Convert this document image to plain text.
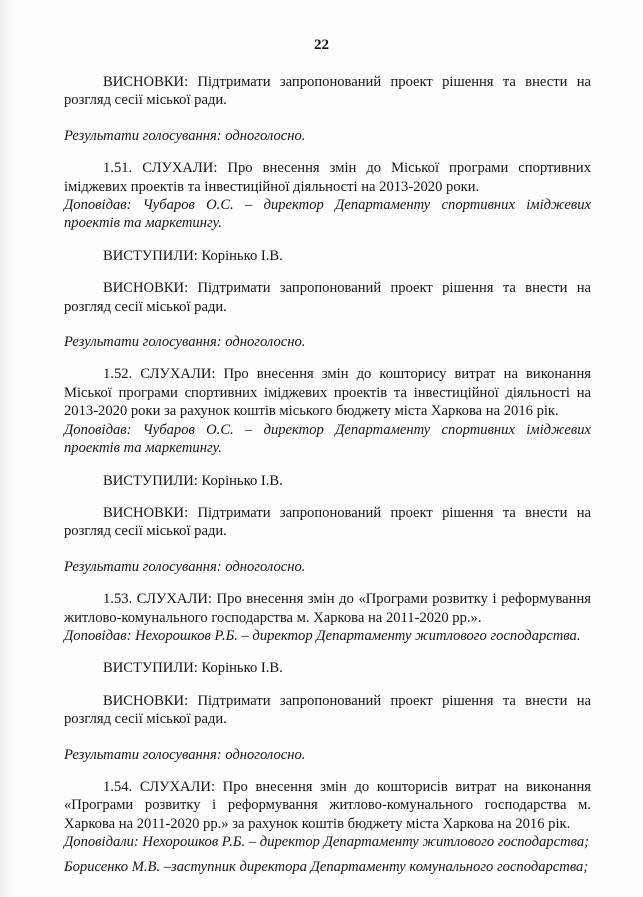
22

ВИСНОВКИ: Підтримати запропонований проект рішення та внести на розгляд сесії міської ради.

Результати голосування: одноголосно.

1.51. СЛУХАЛИ: Про внесення змін до Міської програми спортивних іміджевих проектів та інвестиційної діяльності на 2013-2020 роки.

Доповідав: Чубаров О.С. – директор Департаменту спортивних іміджевих проектів та маркетингу.

ВИСТУПИЛИ: Корінько І.В.

ВИСНОВКИ: Підтримати запропонований проект рішення та внести на розгляд сесії міської ради.

Результати голосування: одноголосно.

1.52. СЛУХАЛИ: Про внесення змін до кошторису витрат на виконання Міської програми спортивних іміджевих проектів та інвестиційної діяльності на 2013-2020 роки за рахунок коштів міського бюджету міста Харкова на 2016 рік.

Доповідав: Чубаров О.С. – директор Департаменту спортивних іміджевих проектів та маркетингу.

ВИСТУПИЛИ: Корінько І.В.

ВИСНОВКИ: Підтримати запропонований проект рішення та внести на розгляд сесії міської ради.

Результати голосування: одноголосно.

1.53. СЛУХАЛИ: Про внесення змін до «Програми розвитку і реформування житлово-комунального господарства м. Харкова на 2011-2020 рр.».

Доповідав: Нехорошков Р.Б. – директор Департаменту житлового господарства.

ВИСТУПИЛИ: Корінько І.В.

ВИСНОВКИ: Підтримати запропонований проект рішення та внести на розгляд сесії міської ради.

Результати голосування: одноголосно.

1.54. СЛУХАЛИ: Про внесення змін до кошторисів витрат на виконання «Програми розвитку і реформування житлово-комунального господарства м. Харкова на 2011-2020 рр.» за рахунок коштів бюджету міста Харкова на 2016 рік.

Доповідали: Нехорошков Р.Б. – директор Департаменту житлового господарства;

Борисенко М.В. –заступник директора Департаменту комунального господарства;
